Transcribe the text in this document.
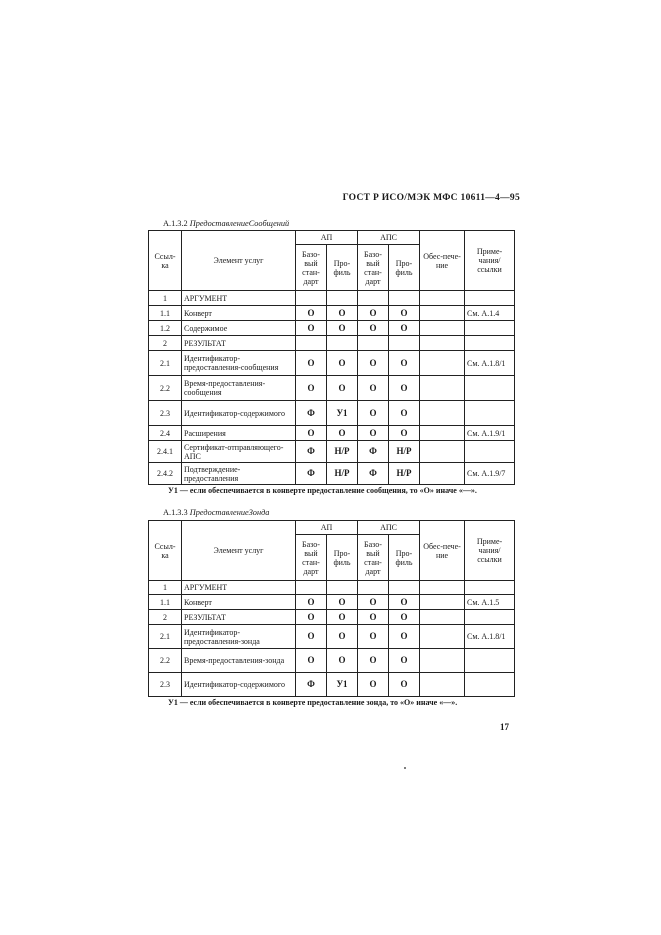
ГОСТ Р ИСО/МЭК МФС 10611—4—95
А.1.3.2 ПредоставлениеСообщений
Ссыл-ка	Элемент услуг	АП		АПС		Обес-пече-ние	Приме-чания/ ссылки
		Базо-вый стан-дарт	Про-филь	Базо-вый стан-дарт	Про-филь		
1	АРГУМЕНТ						
1.1	Конверт	О	О	О	О		См. А.1.4
1.2	Содержимое	О	О	О	О		
2	РЕЗУЛЬТАТ						
2.1	Идентификатор-предоставления-сообщения	О	О	О	О		См. А.1.8/1
2.2	Время-предоставления-сообщения	О	О	О	О		
2.3	Идентификатор-содержимого	Ф	У1	О	О		
2.4	Расширения	О	О	О	О		См. А.1.9/1
2.4.1	Сертификат-отправляющего-АПС	Ф	Н/Р	Ф	Н/Р		
2.4.2	Подтверждение-предоставления	Ф	Н/Р	Ф	Н/Р		См. А.1.9/7
У1 — если обеспечивается в конверте предоставление сообщения, то «О» иначе «—».
А.1.3.3 ПредоставлениеЗонда
Ссыл-ка	Элемент услуг	АП		АПС		Обес-пече-ние	Приме-чания/ ссылки
		Базо-вый стан-дарт	Про-филь	Базо-вый стан-дарт	Про-филь		
1	АРГУМЕНТ						
1.1	Конверт	О	О	О	О		См. А.1.5
2	РЕЗУЛЬТАТ	О	О	О	О		
2.1	Идентификатор-предоставления-зонда	О	О	О	О		См. А.1.8/1
2.2	Время-предоставления-зонда	О	О	О	О		
2.3	Идентификатор-содержимого	Ф	У1	О	О		
У1 — если обеспечивается в конверте предоставление зонда, то «О» иначе «—».
17
